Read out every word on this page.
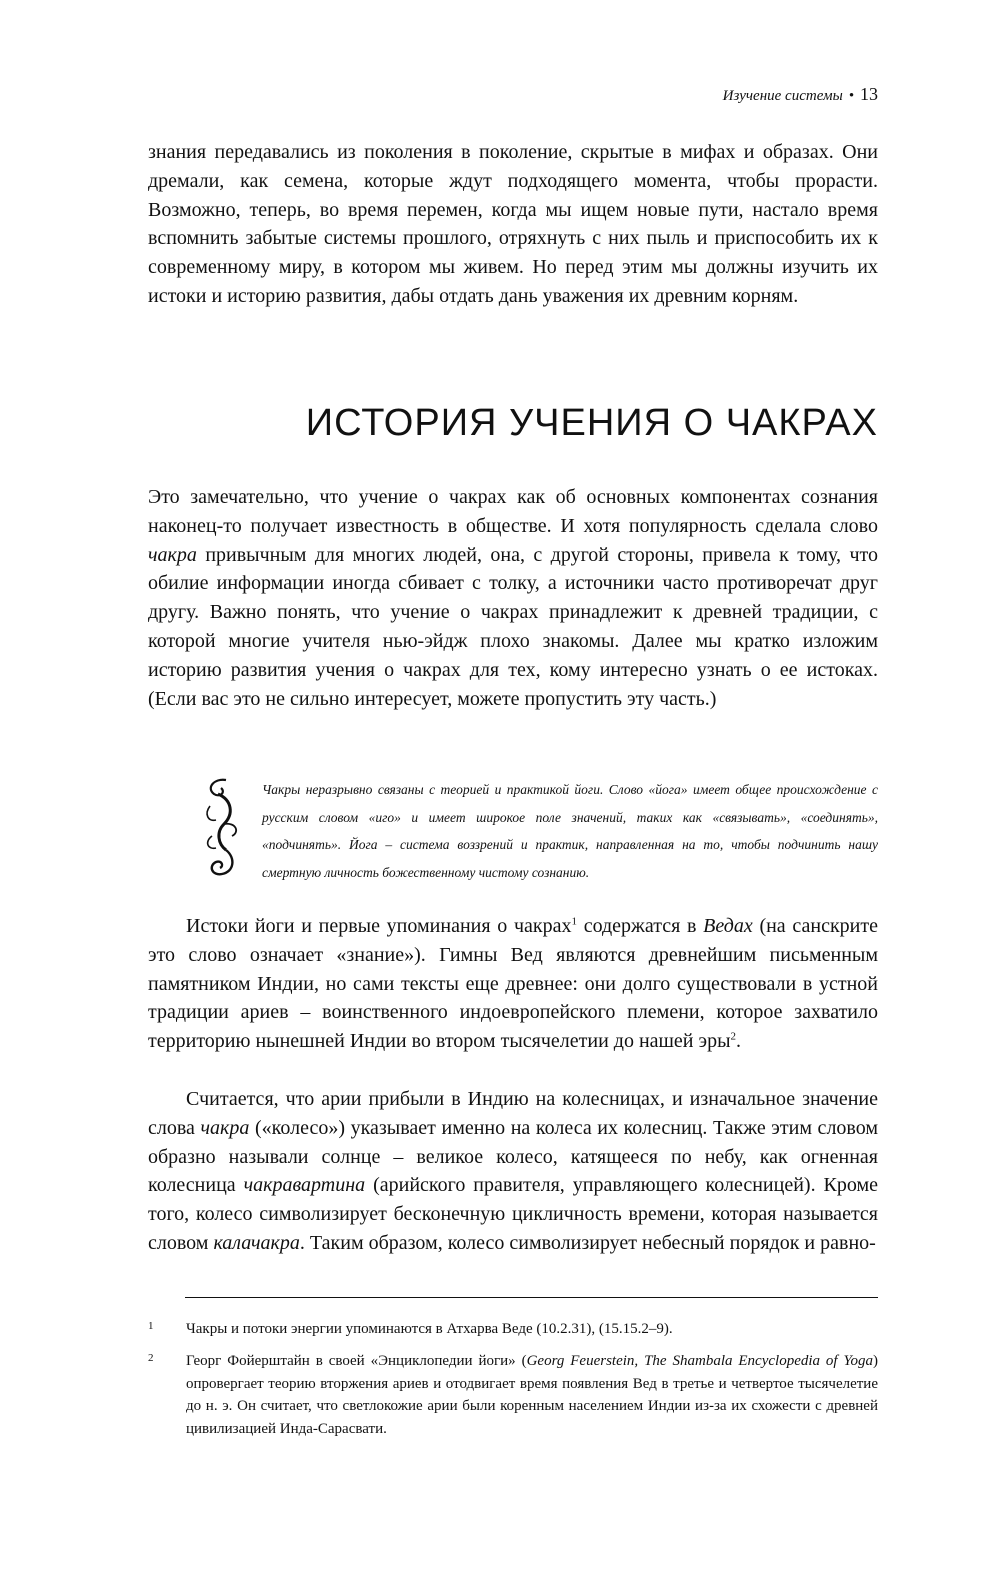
Изучение системы • 13

знания передавались из поколения в поколение, скрытые в мифах и образах. Они дремали, как семена, которые ждут подходящего момента, чтобы прорасти. Возможно, теперь, во время перемен, когда мы ищем новые пути, настало время вспомнить забытые системы прошлого, отряхнуть с них пыль и приспособить их к современному миру, в котором мы живем. Но перед этим мы должны изучить их истоки и историю развития, дабы отдать дань уважения их древним корням.

ИСТОРИЯ УЧЕНИЯ О ЧАКРАХ

Это замечательно, что учение о чакрах как об основных компонентах сознания наконец-то получает известность в обществе. И хотя популярность сделала слово чакра привычным для многих людей, она, с другой стороны, привела к тому, что обилие информации иногда сбивает с толку, а источники часто противоречат друг другу. Важно понять, что учение о чакрах принадлежит к древней традиции, с которой многие учителя нью-эйдж плохо знакомы. Далее мы кратко изложим историю развития учения о чакрах для тех, кому интересно узнать о ее истоках. (Если вас это не сильно интересует, можете пропустить эту часть.)

Чакры неразрывно связаны с теорией и практикой йоги. Слово «йога» имеет общее происхождение с русским словом «иго» и имеет широкое поле значений, таких как «связывать», «соединять», «подчинять». Йога – система воззрений и практик, направленная на то, чтобы подчинить нашу смертную личность божественному чистому сознанию.

Истоки йоги и первые упоминания о чакрах$^1$ содержатся в Ведах (на санскрите это слово означает «знание»). Гимны Вед являются древнейшим письменным памятником Индии, но сами тексты еще древнее: они долго существовали в устной традиции ариев – воинственного индоевропейского племени, которое захватило территорию нынешней Индии во втором тысячелетии до нашей эры$^2$.

Считается, что арии прибыли в Индию на колесницах, и изначальное значение слова чакра («колесо») указывает именно на колеса их колесниц. Также этим словом образно называли солнце – великое колесо, катящееся по небу, как огненная колесница чакравартина (арийского правителя, управляющего колесницей). Кроме того, колесо символизирует бесконечную цикличность времени, которая называется словом калачакра. Таким образом, колесо символизирует небесный порядок и равно-

1 Чакры и потоки энергии упоминаются в Атхарва Веде (10.2.31), (15.15.2–9).
2 Георг Фойерштайн в своей «Энциклопедии йоги» (Georg Feuerstein, The Shambala Encyclopedia of Yoga) опровергает теорию вторжения ариев и отодвигает время появления Вед в третье и четвертое тысячелетие до н. э. Он считает, что светлокожие арии были коренным населением Индии из-за их схожести с древней цивилизацией Инда-Сарасвати.
